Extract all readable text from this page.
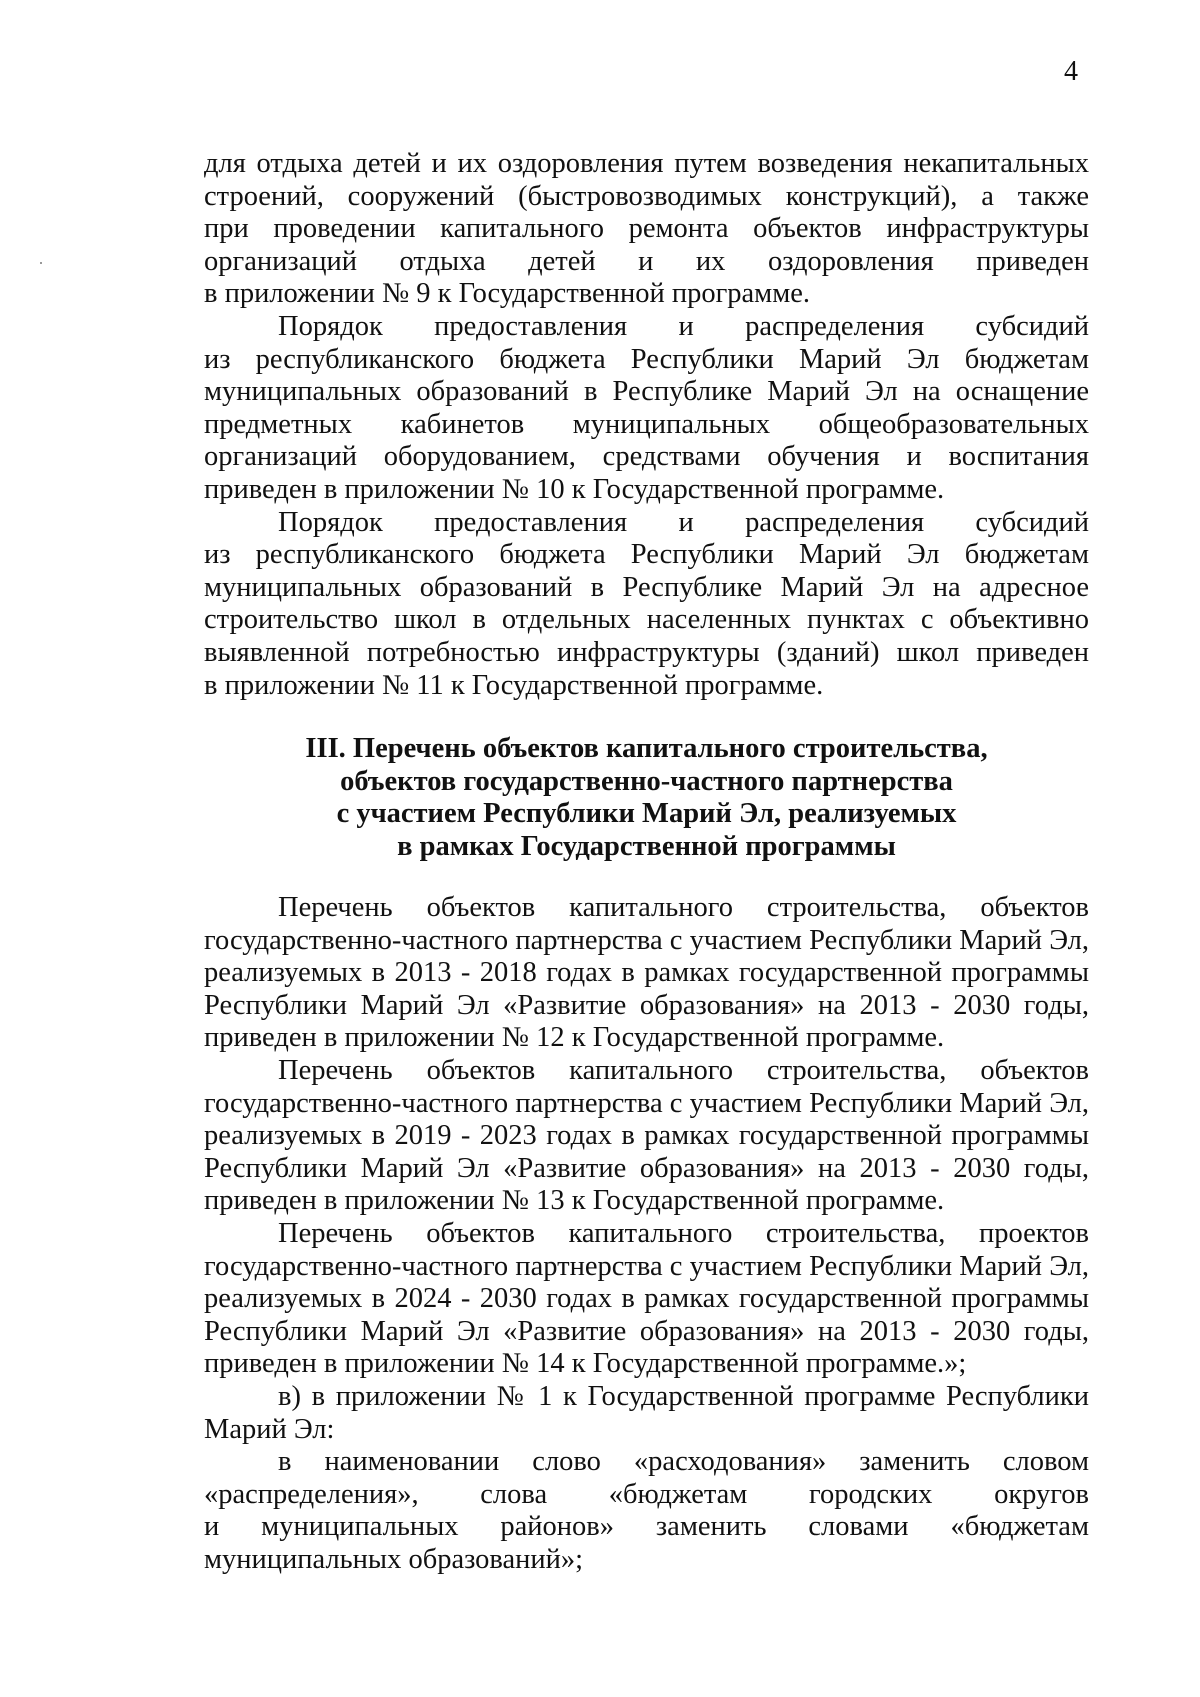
4
для отдыха детей и их оздоровления путем возведения некапитальных
строений, сооружений (быстровозводимых конструкций), а также
при проведении капитального ремонта объектов инфраструктуры
организаций отдыха детей и их оздоровления приведен
в приложении № 9 к Государственной программе.
Порядок предоставления и распределения субсидий
из республиканского бюджета Республики Марий Эл бюджетам
муниципальных образований в Республике Марий Эл на оснащение
предметных кабинетов муниципальных общеобразовательных
организаций оборудованием, средствами обучения и воспитания
приведен в приложении № 10 к Государственной программе.
Порядок предоставления и распределения субсидий
из республиканского бюджета Республики Марий Эл бюджетам
муниципальных образований в Республике Марий Эл на адресное
строительство школ в отдельных населенных пунктах с объективно
выявленной потребностью инфраструктуры (зданий) школ приведен
в приложении № 11 к Государственной программе.
III. Перечень объектов капитального строительства,
объектов государственно-частного партнерства
с участием Республики Марий Эл, реализуемых
в рамках Государственной программы
Перечень объектов капитального строительства, объектов
государственно-частного партнерства с участием Республики Марий Эл,
реализуемых в 2013 - 2018 годах в рамках государственной программы
Республики Марий Эл «Развитие образования» на 2013 - 2030 годы,
приведен в приложении № 12 к Государственной программе.
Перечень объектов капитального строительства, объектов
государственно-частного партнерства с участием Республики Марий Эл,
реализуемых в 2019 - 2023 годах в рамках государственной программы
Республики Марий Эл «Развитие образования» на 2013 - 2030 годы,
приведен в приложении № 13 к Государственной программе.
Перечень объектов капитального строительства, проектов
государственно-частного партнерства с участием Республики Марий Эл,
реализуемых в 2024 - 2030 годах в рамках государственной программы
Республики Марий Эл «Развитие образования» на 2013 - 2030 годы,
приведен в приложении № 14 к Государственной программе.»;
в) в приложении № 1 к Государственной программе Республики
Марий Эл:
в наименовании слово «расходования» заменить словом
«распределения», слова «бюджетам городских округов
и муниципальных районов» заменить словами «бюджетам
муниципальных образований»;
